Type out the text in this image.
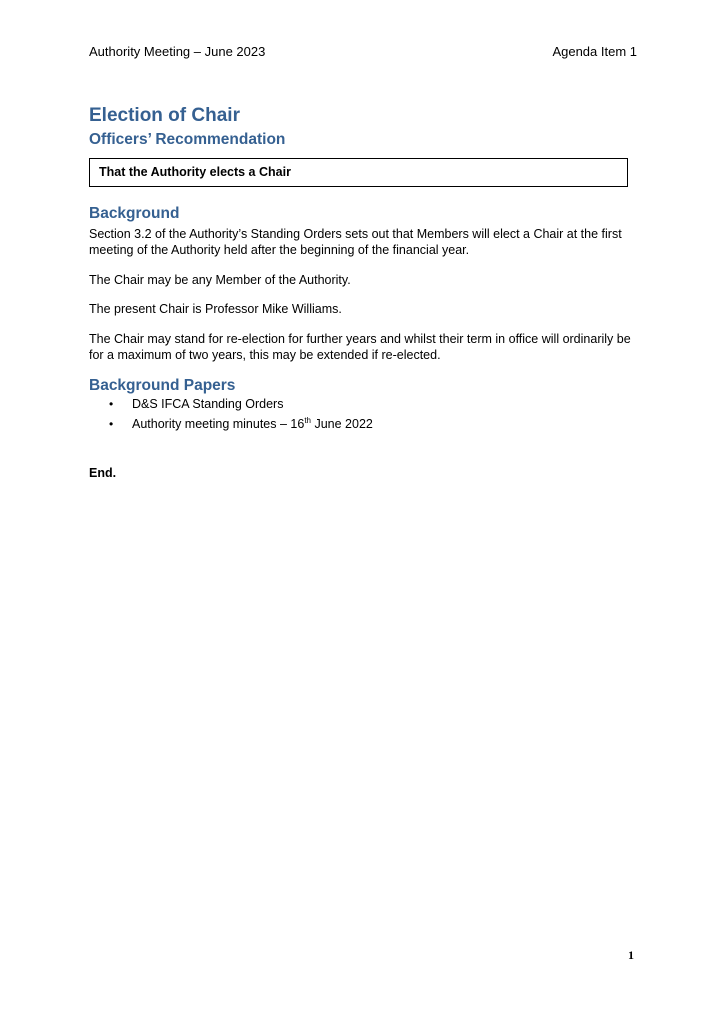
Authority Meeting – June 2023	Agenda Item 1
Election of Chair
Officers’ Recommendation
That the Authority elects a Chair
Background

Section 3.2 of the Authority’s Standing Orders sets out that Members will elect a Chair at the first meeting of the Authority held after the beginning of the financial year.

The Chair may be any Member of the Authority.

The present Chair is Professor Mike Williams.

The Chair may stand for re-election for further years and whilst their term in office will ordinarily be for a maximum of two years, this may be extended if re-elected.

Background Papers
• D&S IFCA Standing Orders
• Authority meeting minutes – 16th June 2022
End.
1
